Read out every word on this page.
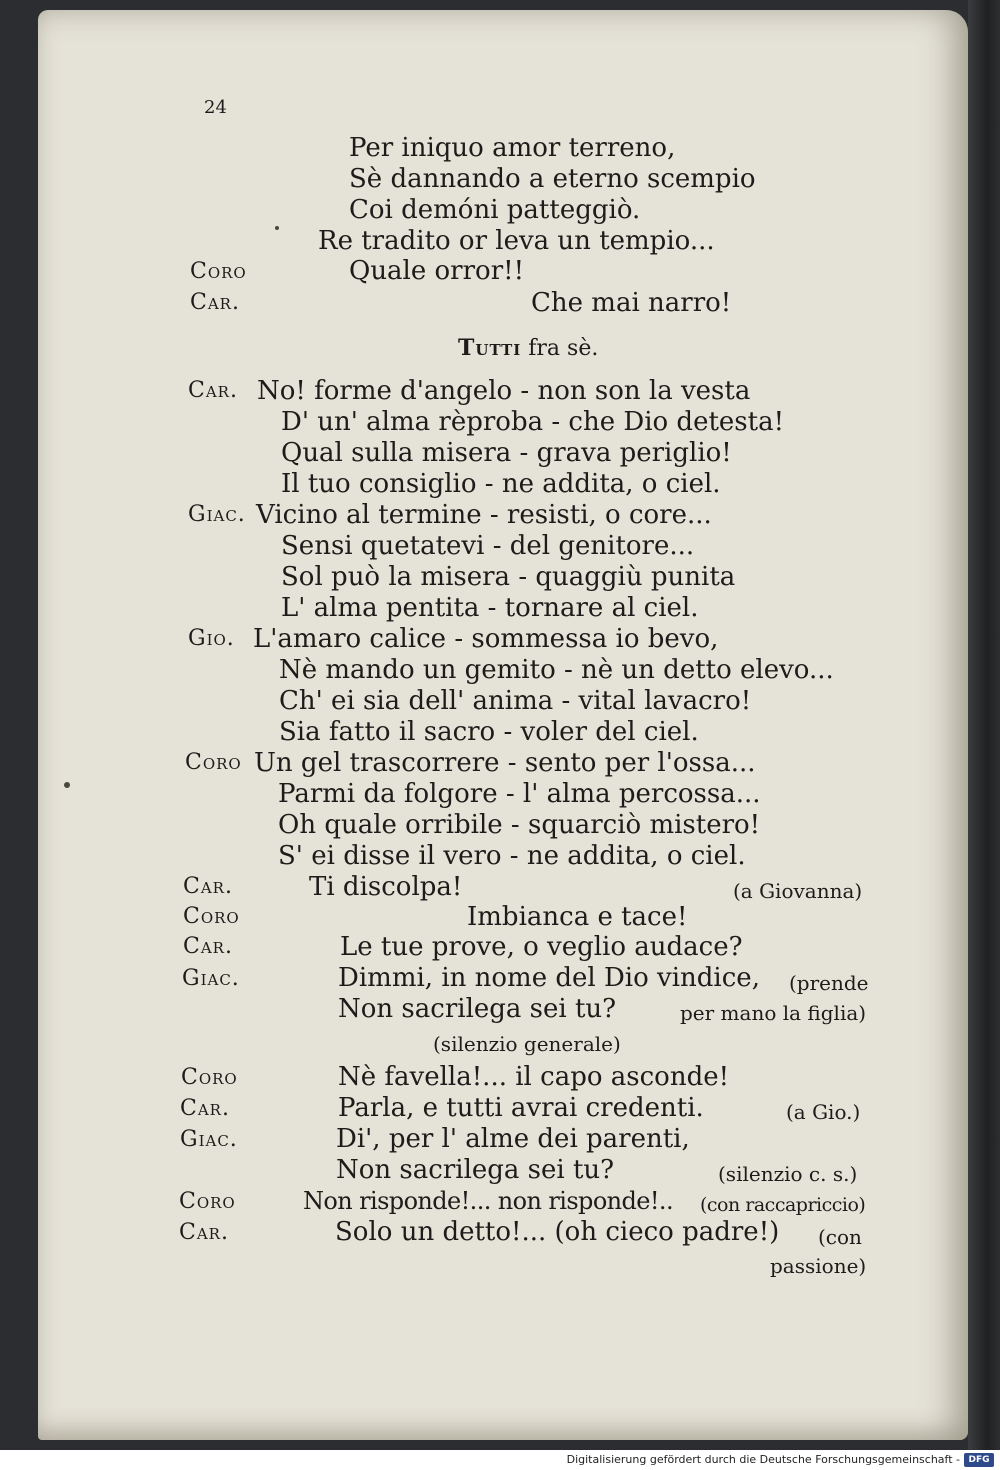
24
Per iniquo amor terreno,
Sè dannando a eterno scempio
Coi demóni patteggiò.
Re tradito or leva un tempio...
Coro	Quale orror!!
Car.	Che mai narro!
Tutti fra sè.
Car. No! forme d'angelo - non son la vesta
D' un' alma rèproba - che Dio detesta!
Qual sulla misera - grava periglio!
Il tuo consiglio - ne addita, o ciel.
Giac. Vicino al termine - resisti, o core...
Sensi quetatevi - del genitore...
Sol può la misera - quaggiù punita
L' alma pentita - tornare al ciel.
Gio. L'amaro calice - sommessa io bevo,
Nè mando un gemito - nè un detto elevo...
Ch' ei sia dell' anima - vital lavacro!
Sia fatto il sacro - voler del ciel.
Coro Un gel trascorrere - sento per l'ossa...
Parmi da folgore - l' alma percossa...
Oh quale orribile - squarciò mistero!
S' ei disse il vero - ne addita, o ciel.
Car.	Ti discolpa!	(a Giovanna)
Coro	Imbianca e tace!
Car.	Le tue prove, o veglio audace?
Giac.	Dimmi, in nome del Dio vindice, (prende
Non sacrilega sei tu?	per mano la figlia)
(silenzio generale)
Coro	Nè favella!... il capo asconde!
Car.	Parla, e tutti avrai credenti.	(a Gio.)
Giac.	Di', per l' alme dei parenti,
Non sacrilega sei tu?	(silenzio c. s.)
Coro	Non risponde!... non risponde!.. (con raccapriccio)
Car.	Solo un detto!... (oh cieco padre!) (con
passione)
Digitalisierung gefördert durch die Deutsche Forschungsgemeinschaft - DFG
